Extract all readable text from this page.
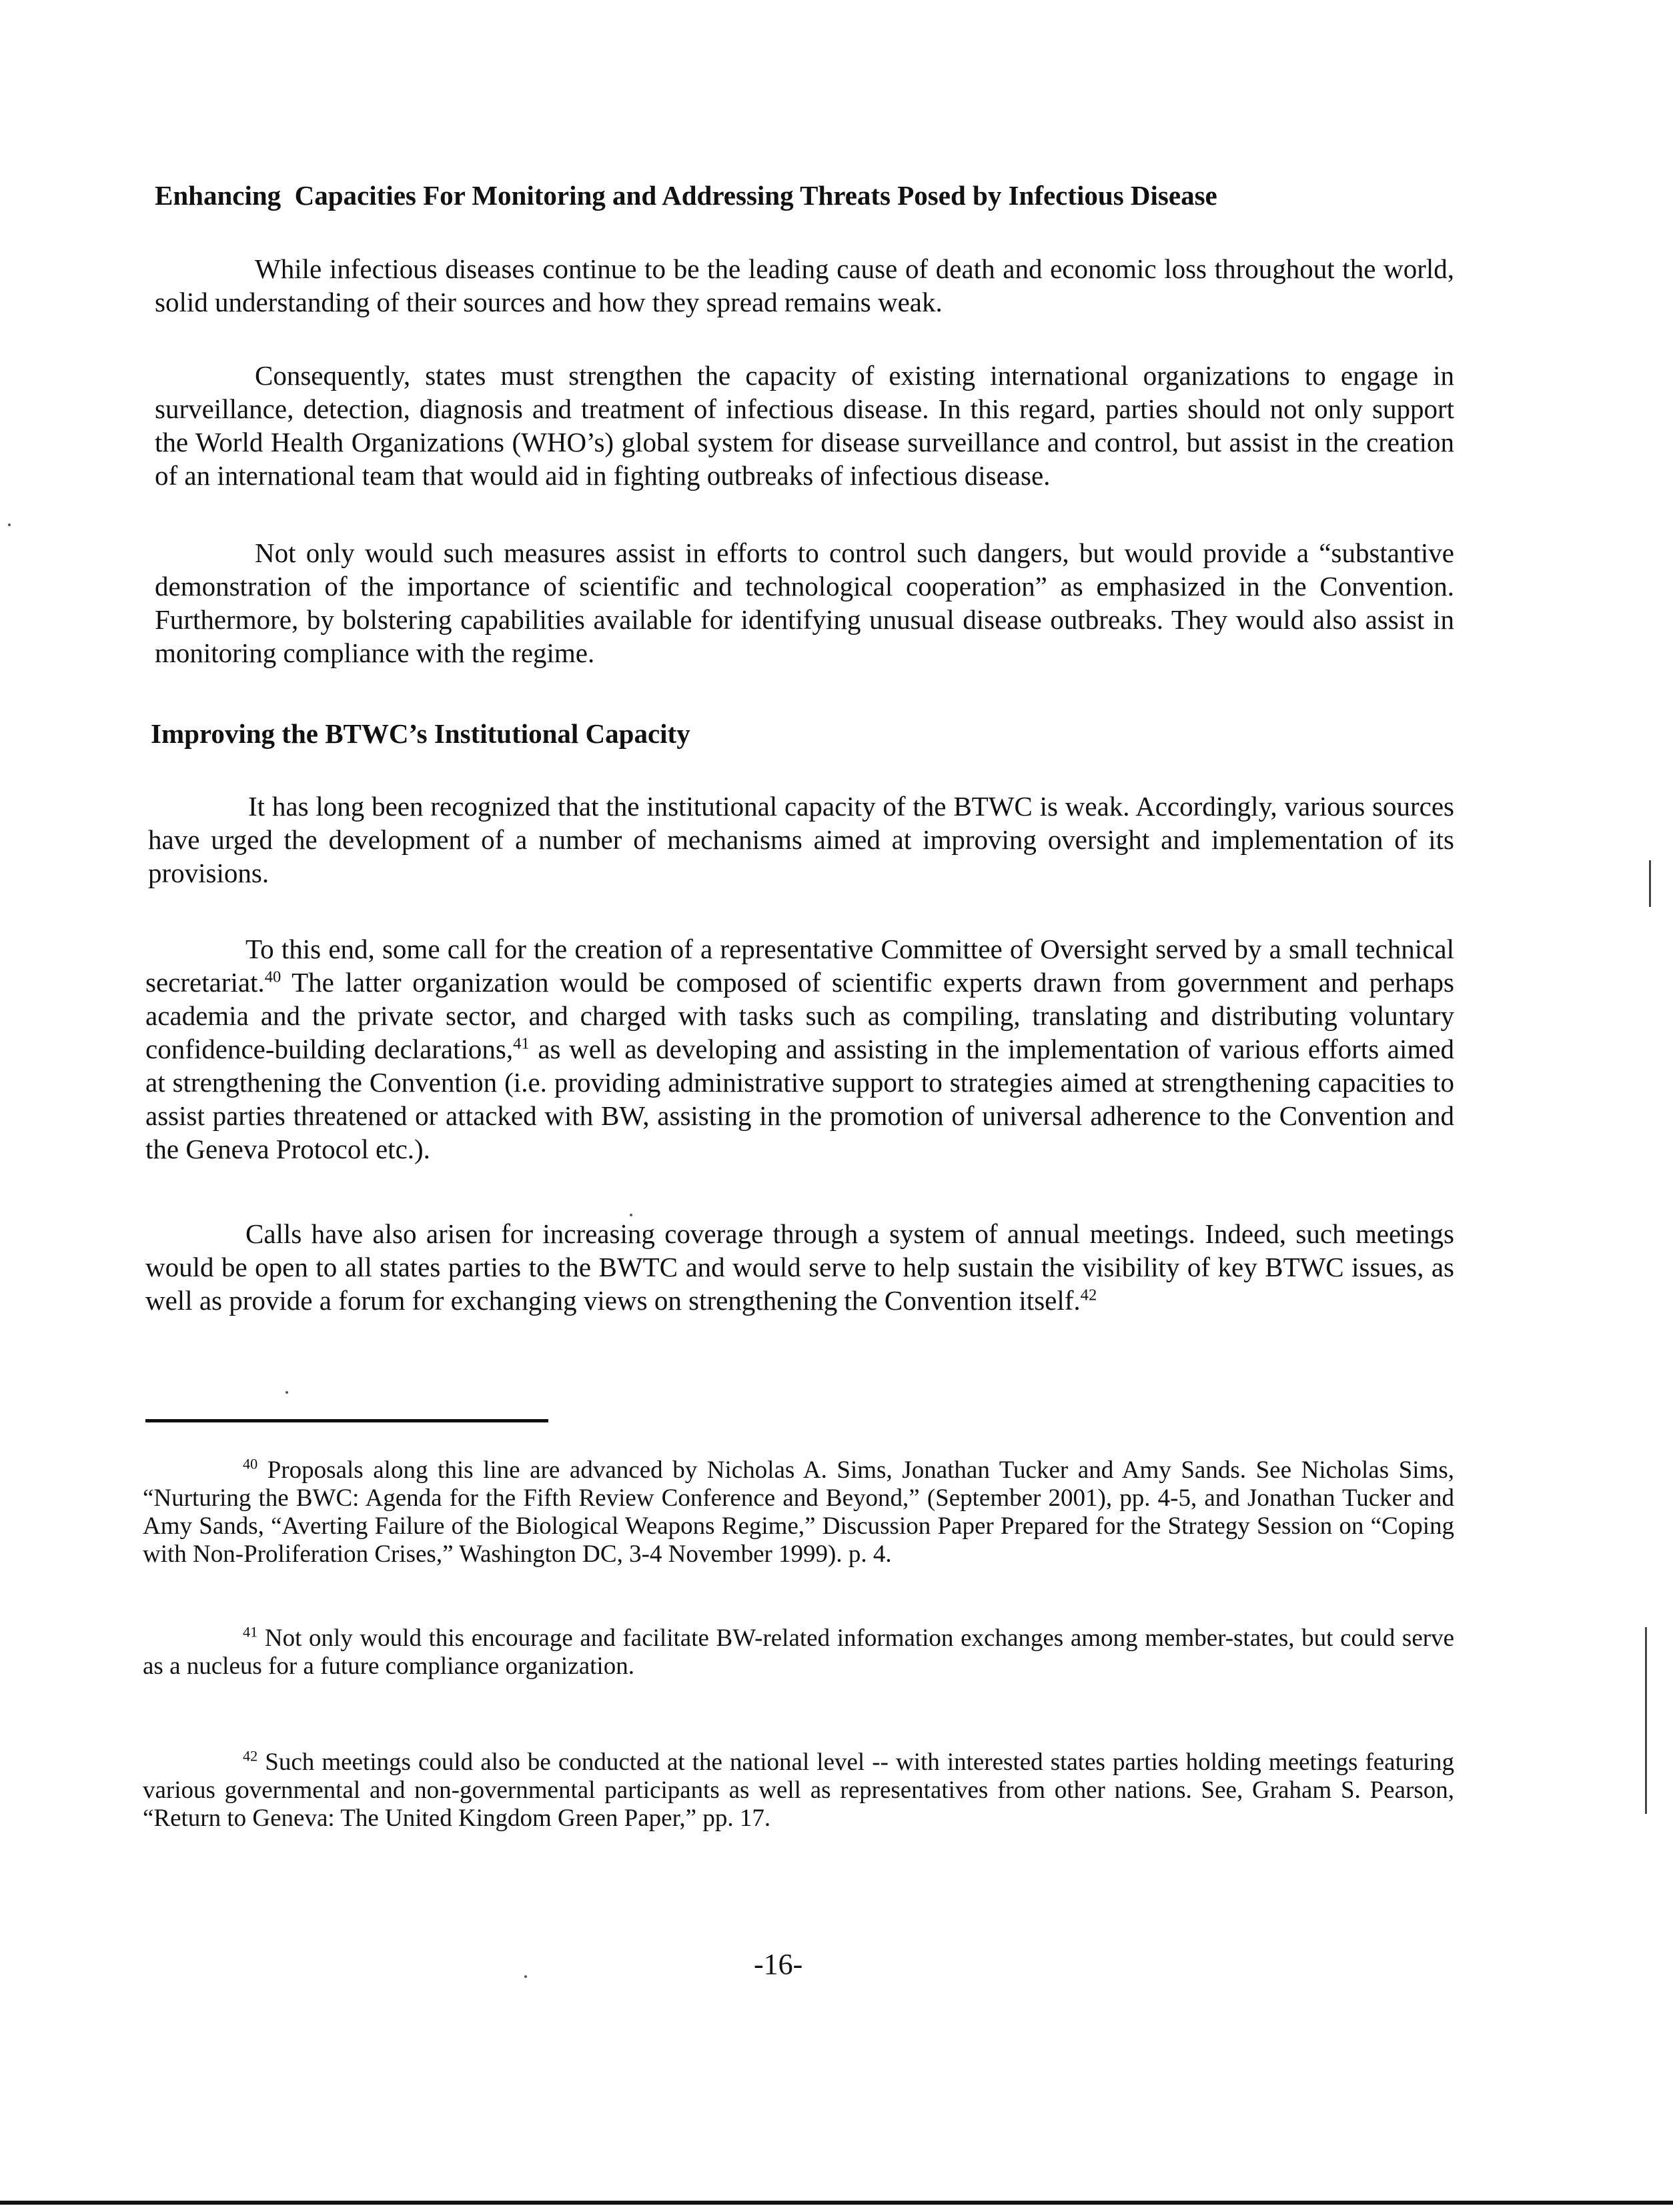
Enhancing  Capacities For Monitoring and Addressing Threats Posed by Infectious Disease

While infectious diseases continue to be the leading cause of death and economic loss throughout the world, solid understanding of their sources and how they spread remains weak.

Consequently, states must strengthen the capacity of existing international organizations to engage in surveillance, detection, diagnosis and treatment of infectious disease. In this regard, parties should not only support the World Health Organizations (WHO’s) global system for disease surveillance and control, but assist in the creation of an international team that would aid in fighting outbreaks of infectious disease.

Not only would such measures assist in efforts to control such dangers, but would provide a “substantive demonstration of the importance of scientific and technological cooperation” as emphasized in the Convention. Furthermore, by bolstering capabilities available for identifying unusual disease outbreaks. They would also assist in monitoring compliance with the regime.

Improving the BTWC’s Institutional Capacity

It has long been recognized that the institutional capacity of the BTWC is weak. Accordingly, various sources have urged the development of a number of mechanisms aimed at improving oversight and implementation of its provisions.

To this end, some call for the creation of a representative Committee of Oversight served by a small technical secretariat.$^{40}$ The latter organization would be composed of scientific experts drawn from government and perhaps academia and the private sector, and charged with tasks such as compiling, translating and distributing voluntary confidence-building declarations,$^{41}$ as well as developing and assisting in the implementation of various efforts aimed at strengthening the Convention (i.e. providing administrative support to strategies aimed at strengthening capacities to assist parties threatened or attacked with BW, assisting in the promotion of universal adherence to the Convention and the Geneva Protocol etc.).

Calls have also arisen for increasing coverage through a system of annual meetings. Indeed, such meetings would be open to all states parties to the BWTC and would serve to help sustain the visibility of key BTWC issues, as well as provide a forum for exchanging views on strengthening the Convention itself.$^{42}$

$^{40}$ Proposals along this line are advanced by Nicholas A. Sims, Jonathan Tucker and Amy Sands. See Nicholas Sims, “Nurturing the BWC: Agenda for the Fifth Review Conference and Beyond,” (September 2001), pp. 4-5, and Jonathan Tucker and Amy Sands, “Averting Failure of the Biological Weapons Regime,” Discussion Paper Prepared for the Strategy Session on “Coping with Non-Proliferation Crises,” Washington DC, 3-4 November 1999). p. 4.

$^{41}$ Not only would this encourage and facilitate BW-related information exchanges among member-states, but could serve as a nucleus for a future compliance organization.

$^{42}$ Such meetings could also be conducted at the national level -- with interested states parties holding meetings featuring various governmental and non-governmental participants as well as representatives from other nations. See, Graham S. Pearson, “Return to Geneva: The United Kingdom Green Paper,” pp. 17.

-16-
